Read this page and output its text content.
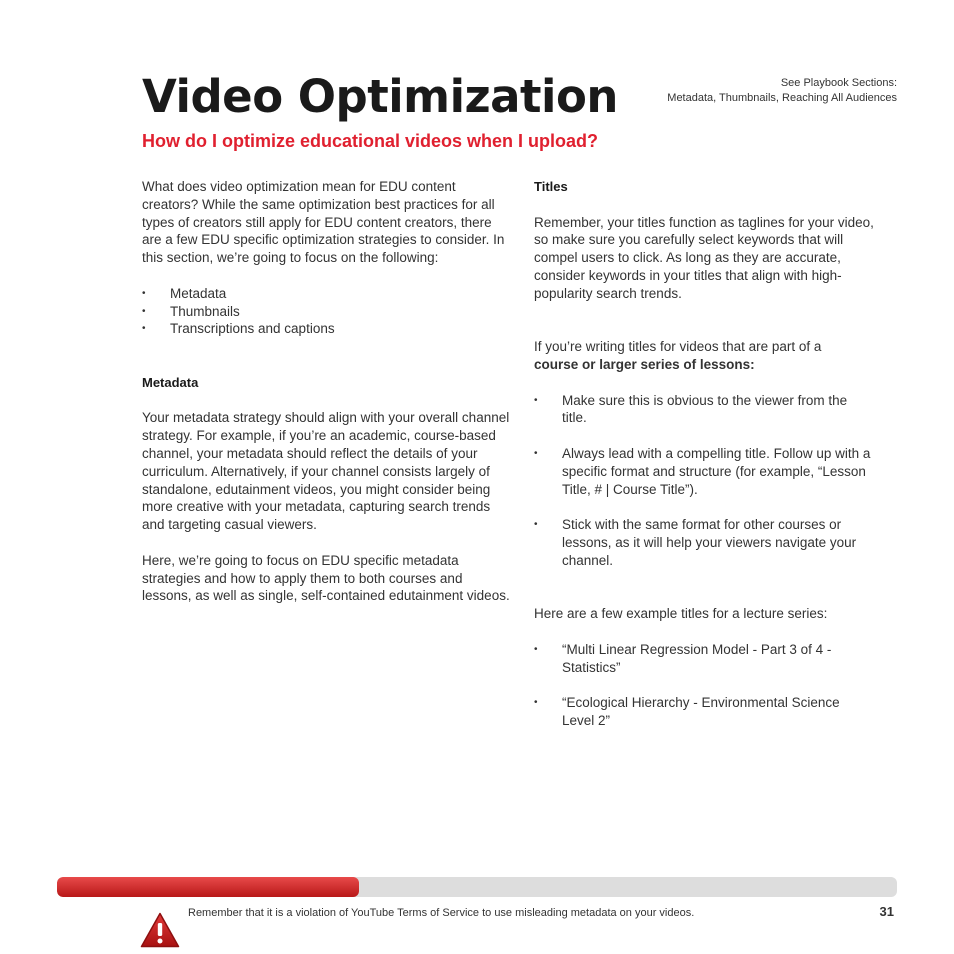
See Playbook Sections:
Metadata, Thumbnails, Reaching All Audiences
Video Optimization
How do I optimize educational videos when I upload?

What does video optimization mean for EDU content creators? While the same optimization best practices for all types of creators still apply for EDU content creators, there are a few EDU specific optimization strategies to consider. In this section, we’re going to focus on the following:

• Metadata
• Thumbnails
• Transcriptions and captions

Metadata

Your metadata strategy should align with your overall channel strategy. For example, if you’re an academic, course-based channel, your metadata should reflect the details of your curriculum. Alternatively, if your channel consists largely of standalone, edutainment videos, you might consider being more creative with your metadata, capturing search trends and targeting casual viewers.

Here, we’re going to focus on EDU specific metadata strategies and how to apply them to both courses and lessons, as well as single, self-contained edutainment videos.

Titles

Remember, your titles function as taglines for your video, so make sure you carefully select keywords that will compel users to click. As long as they are accurate, consider keywords in your titles that align with high-popularity search trends.

If you’re writing titles for videos that are part of a
course or larger series of lessons:

• Make sure this is obvious to the viewer from the title.
• Always lead with a compelling title. Follow up with a specific format and structure (for example, “Lesson Title, # | Course Title”).
• Stick with the same format for other courses or lessons, as it will help your viewers navigate your channel.

Here are a few example titles for a lecture series:

• “Multi Linear Regression Model - Part 3 of 4 - Statistics”
• “Ecological Hierarchy - Environmental Science Level 2”
Remember that it is a violation of YouTube Terms of Service to use misleading metadata on your videos.	31
